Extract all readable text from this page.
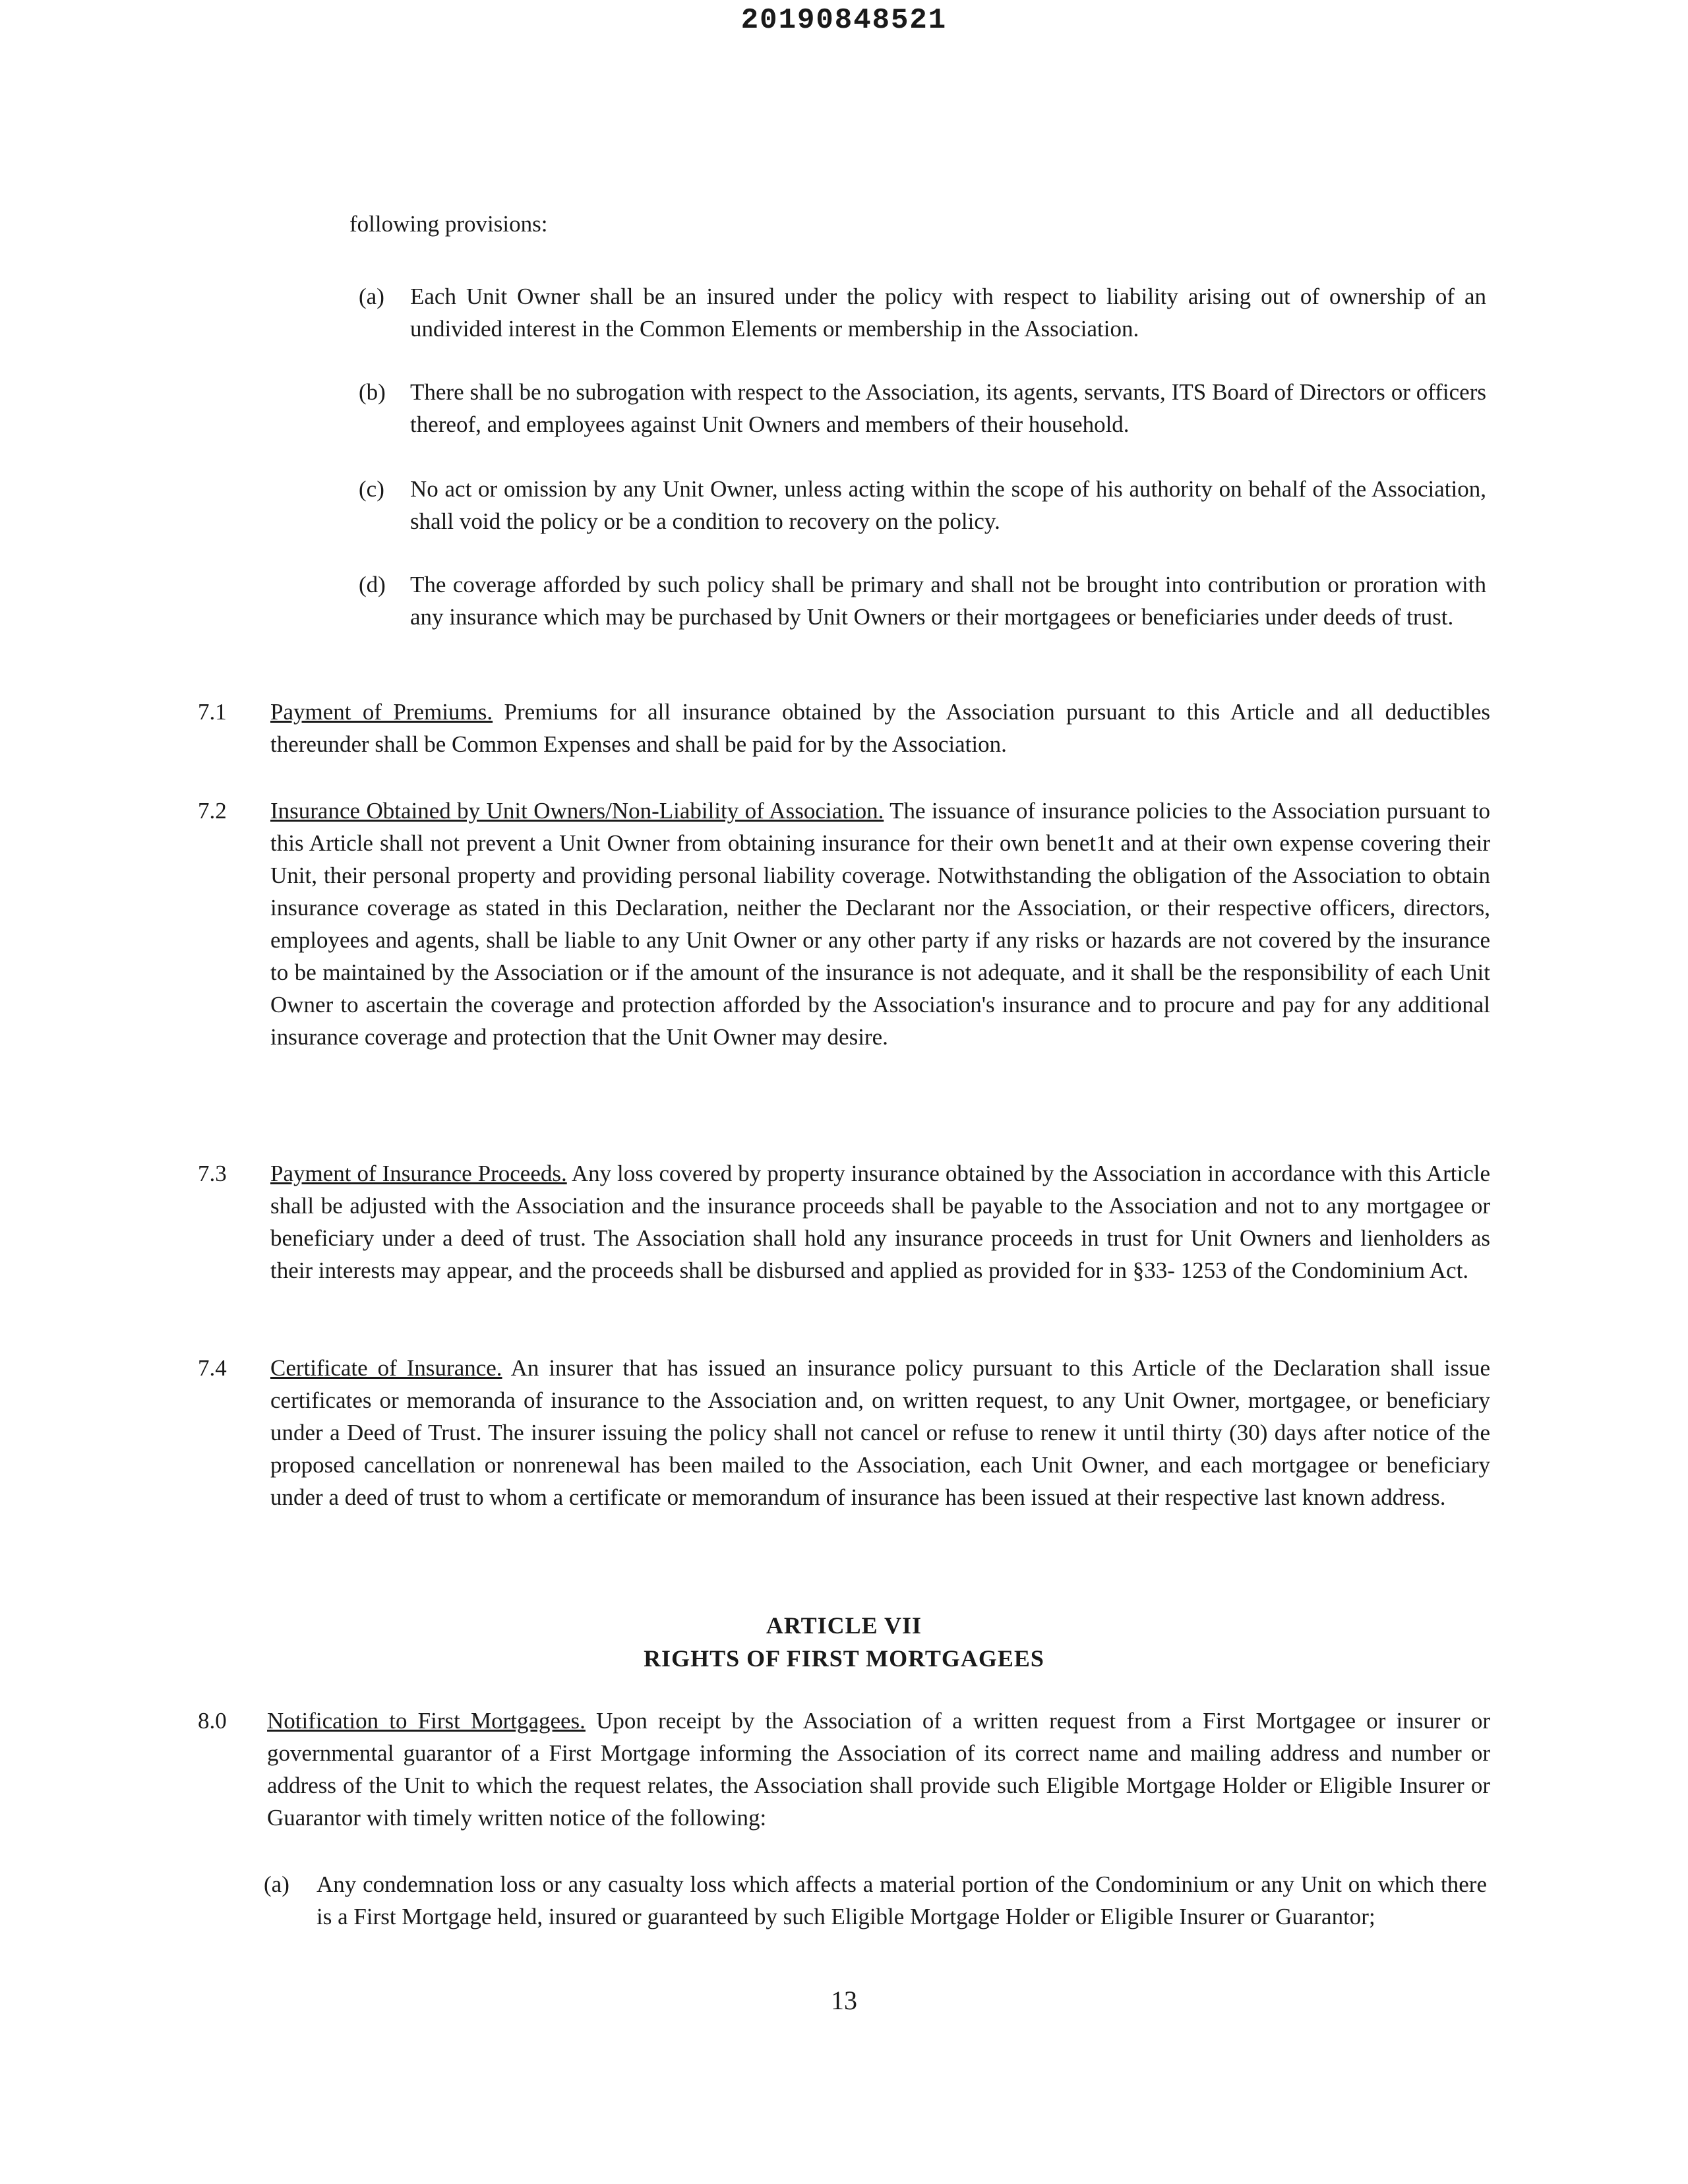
20190848521
following provisions:
(a) Each Unit Owner shall be an insured under the policy with respect to liability arising out of ownership of an undivided interest in the Common Elements or membership in the Association.
(b) There shall be no subrogation with respect to the Association, its agents, servants, ITS Board of Directors or officers thereof, and employees against Unit Owners and members of their household.
(c) No act or omission by any Unit Owner, unless acting within the scope of his authority on behalf of the Association, shall void the policy or be a condition to recovery on the policy.
(d) The coverage afforded by such policy shall be primary and shall not be brought into contribution or proration with any insurance which may be purchased by Unit Owners or their mortgagees or beneficiaries under deeds of trust.
7.1 Payment of Premiums. Premiums for all insurance obtained by the Association pursuant to this Article and all deductibles thereunder shall be Common Expenses and shall be paid for by the Association.
7.2 Insurance Obtained by Unit Owners/Non-Liability of Association. The issuance of insurance policies to the Association pursuant to this Article shall not prevent a Unit Owner from obtaining insurance for their own benet1t and at their own expense covering their Unit, their personal property and providing personal liability coverage. Notwithstanding the obligation of the Association to obtain insurance coverage as stated in this Declaration, neither the Declarant nor the Association, or their respective officers, directors, employees and agents, shall be liable to any Unit Owner or any other party if any risks or hazards are not covered by the insurance to be maintained by the Association or if the amount of the insurance is not adequate, and it shall be the responsibility of each Unit Owner to ascertain the coverage and protection afforded by the Association's insurance and to procure and pay for any additional insurance coverage and protection that the Unit Owner may desire.
7.3 Payment of Insurance Proceeds. Any loss covered by property insurance obtained by the Association in accordance with this Article shall be adjusted with the Association and the insurance proceeds shall be payable to the Association and not to any mortgagee or beneficiary under a deed of trust. The Association shall hold any insurance proceeds in trust for Unit Owners and lienholders as their interests may appear, and the proceeds shall be disbursed and applied as provided for in §33- 1253 of the Condominium Act.
7.4 Certificate of Insurance. An insurer that has issued an insurance policy pursuant to this Article of the Declaration shall issue certificates or memoranda of insurance to the Association and, on written request, to any Unit Owner, mortgagee, or beneficiary under a Deed of Trust. The insurer issuing the policy shall not cancel or refuse to renew it until thirty (30) days after notice of the proposed cancellation or nonrenewal has been mailed to the Association, each Unit Owner, and each mortgagee or beneficiary under a deed of trust to whom a certificate or memorandum of insurance has been issued at their respective last known address.
ARTICLE VII
RIGHTS OF FIRST MORTGAGEES
8.0 Notification to First Mortgagees. Upon receipt by the Association of a written request from a First Mortgagee or insurer or governmental guarantor of a First Mortgage informing the Association of its correct name and mailing address and number or address of the Unit to which the request relates, the Association shall provide such Eligible Mortgage Holder or Eligible Insurer or Guarantor with timely written notice of the following:
(a) Any condemnation loss or any casualty loss which affects a material portion of the Condominium or any Unit on which there is a First Mortgage held, insured or guaranteed by such Eligible Mortgage Holder or Eligible Insurer or Guarantor;
13
